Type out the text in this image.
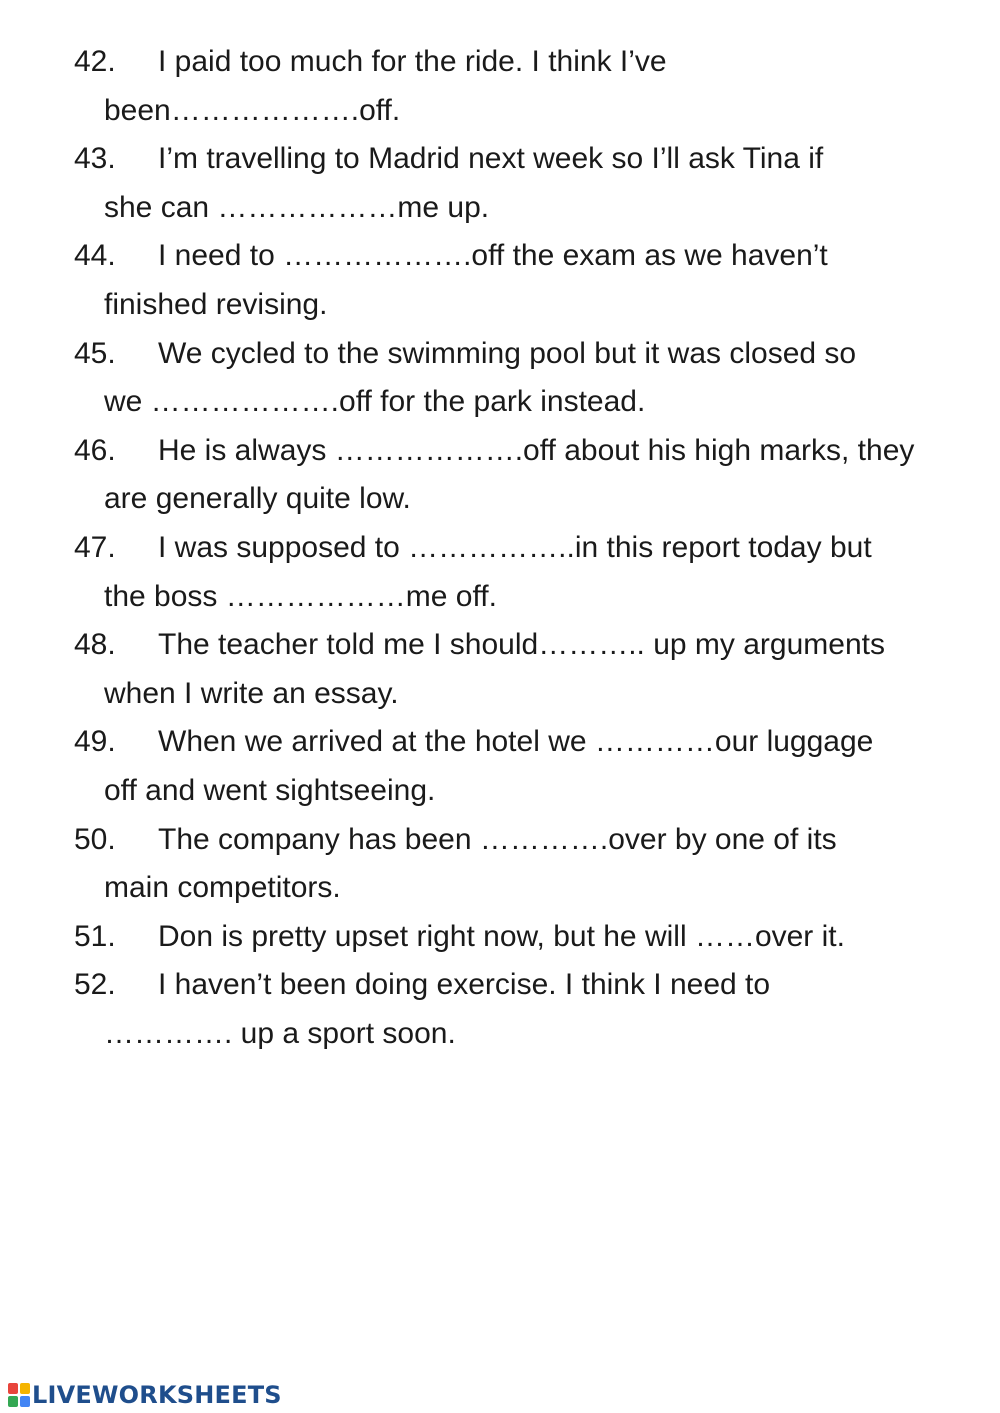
42.	I paid too much for the ride. I think I’ve
been……………….off.
43.	I’m travelling to Madrid next week so I’ll ask Tina if
she can ………………me up.
44.	I need to ……………….off the exam as we haven’t
finished revising.
45.	We cycled to the swimming pool but it was closed so
we ……………….off for the park instead.
46.	He is always ……………….off about his high marks, they
are generally quite low.
47.	I was supposed to ……………..in this report today but
the boss ………………me off.
48.	The teacher told me I should……….. up my arguments
when I write an essay.
49.	When we arrived at the hotel we …………our luggage
off and went sightseeing.
50.	The company has been ………….over by one of its
main competitors.
51.	Don is pretty upset right now, but he will ……over it.
52.	I haven’t been doing exercise. I think I need to
…………. up a sport soon.
LIVEWORKSHEETS
